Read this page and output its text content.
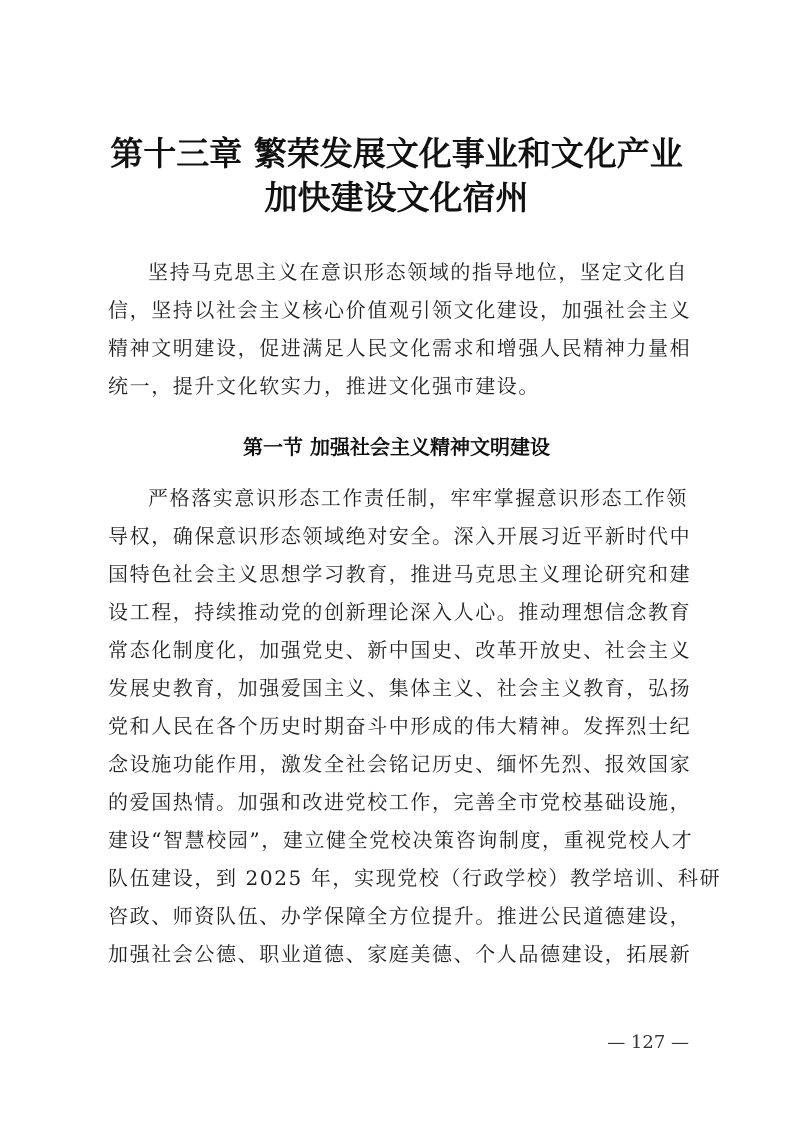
第十三章 繁荣发展文化事业和文化产业
加快建设文化宿州
坚持马克思主义在意识形态领域的指导地位，坚定文化自
信，坚持以社会主义核心价值观引领文化建设，加强社会主义
精神文明建设，促进满足人民文化需求和增强人民精神力量相
统一，提升文化软实力，推进文化强市建设。
第一节 加强社会主义精神文明建设
严格落实意识形态工作责任制，牢牢掌握意识形态工作领
导权，确保意识形态领域绝对安全。深入开展习近平新时代中
国特色社会主义思想学习教育，推进马克思主义理论研究和建
设工程，持续推动党的创新理论深入人心。推动理想信念教育
常态化制度化，加强党史、新中国史、改革开放史、社会主义
发展史教育，加强爱国主义、集体主义、社会主义教育，弘扬
党和人民在各个历史时期奋斗中形成的伟大精神。发挥烈士纪
念设施功能作用，激发全社会铭记历史、缅怀先烈、报效国家
的爱国热情。加强和改进党校工作，完善全市党校基础设施，
建设“智慧校园”，建立健全党校决策咨询制度，重视党校人才
队伍建设，到 2025 年，实现党校（行政学校）教学培训、科研
咨政、师资队伍、办学保障全方位提升。推进公民道德建设，
加强社会公德、职业道德、家庭美德、个人品德建设，拓展新
— 127 —
